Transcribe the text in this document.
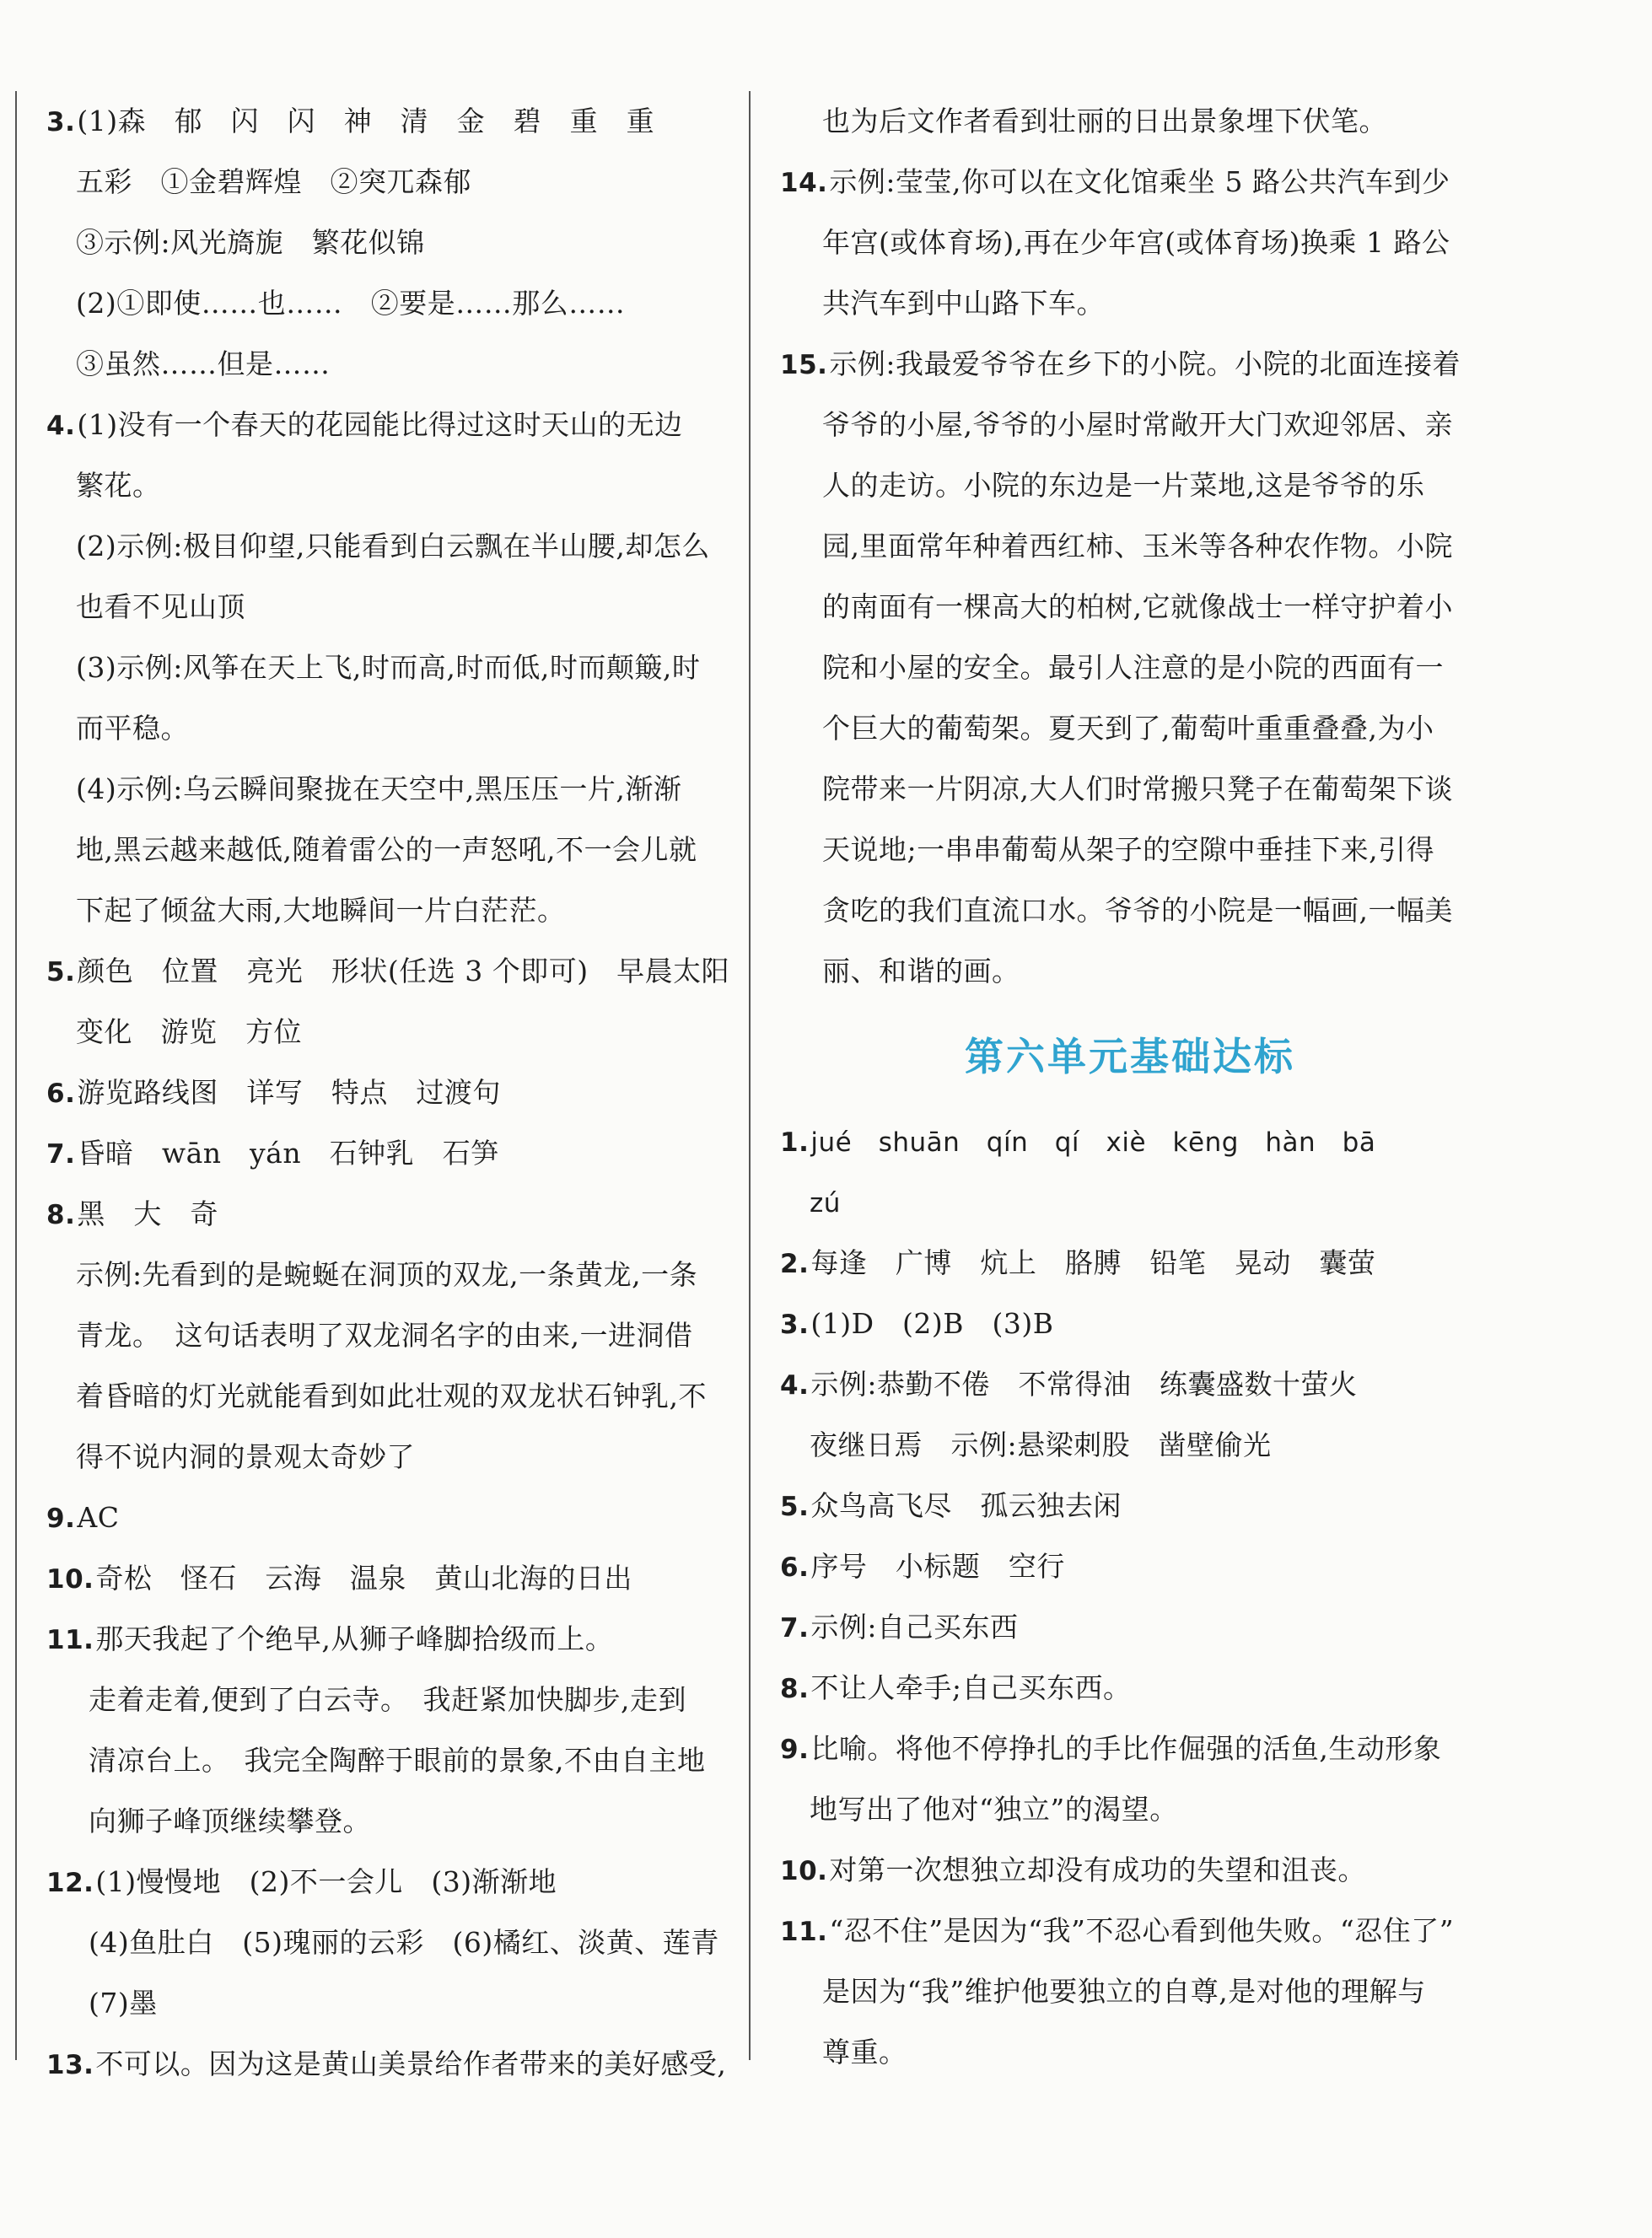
3.(1)森　郁　闪　闪　神　清　金　碧　重　重
五彩　①金碧辉煌　②突兀森郁
③示例:风光旖旎　繁花似锦
(2)①即使……也……　②要是……那么……
③虽然……但是……
4.(1)没有一个春天的花园能比得过这时天山的无边
繁花。
(2)示例:极目仰望,只能看到白云飘在半山腰,却怎么
也看不见山顶
(3)示例:风筝在天上飞,时而高,时而低,时而颠簸,时
而平稳。
(4)示例:乌云瞬间聚拢在天空中,黑压压一片,渐渐
地,黑云越来越低,随着雷公的一声怒吼,不一会儿就
下起了倾盆大雨,大地瞬间一片白茫茫。
5.颜色　位置　亮光　形状(任选 3 个即可)　早晨太阳
变化　游览　方位
6.游览路线图　详写　特点　过渡句
7.昏暗　wān　yán　石钟乳　石笋
8.黑　大　奇
示例:先看到的是蜿蜒在洞顶的双龙,一条黄龙,一条
青龙。　这句话表明了双龙洞名字的由来,一进洞借
着昏暗的灯光就能看到如此壮观的双龙状石钟乳,不
得不说内洞的景观太奇妙了
9.AC
10.奇松　怪石　云海　温泉　黄山北海的日出
11.那天我起了个绝早,从狮子峰脚拾级而上。
走着走着,便到了白云寺。　我赶紧加快脚步,走到
清凉台上。　我完全陶醉于眼前的景象,不由自主地
向狮子峰顶继续攀登。
12.(1)慢慢地　(2)不一会儿　(3)渐渐地
(4)鱼肚白　(5)瑰丽的云彩　(6)橘红、淡黄、莲青
(7)墨
13.不可以。因为这是黄山美景给作者带来的美好感受,
也为后文作者看到壮丽的日出景象埋下伏笔。
14.示例:莹莹,你可以在文化馆乘坐 5 路公共汽车到少
年宫(或体育场),再在少年宫(或体育场)换乘 1 路公
共汽车到中山路下车。
15.示例:我最爱爷爷在乡下的小院。小院的北面连接着
爷爷的小屋,爷爷的小屋时常敞开大门欢迎邻居、亲
人的走访。小院的东边是一片菜地,这是爷爷的乐
园,里面常年种着西红柿、玉米等各种农作物。小院
的南面有一棵高大的柏树,它就像战士一样守护着小
院和小屋的安全。最引人注意的是小院的西面有一
个巨大的葡萄架。夏天到了,葡萄叶重重叠叠,为小
院带来一片阴凉,大人们时常搬只凳子在葡萄架下谈
天说地;一串串葡萄从架子的空隙中垂挂下来,引得
贪吃的我们直流口水。爷爷的小院是一幅画,一幅美
丽、和谐的画。
第六单元基础达标
1.jué　shuān　qín　qí　xiè　kēng　hàn　bā
zú
2.每逢　广博　炕上　胳膊　铅笔　晃动　囊萤
3.(1)D　(2)B　(3)B
4.示例:恭勤不倦　不常得油　练囊盛数十萤火
夜继日焉　示例:悬梁刺股　凿壁偷光
5.众鸟高飞尽　孤云独去闲
6.序号　小标题　空行
7.示例:自己买东西
8.不让人牵手;自己买东西。
9.比喻。将他不停挣扎的手比作倔强的活鱼,生动形象
地写出了他对“独立”的渴望。
10.对第一次想独立却没有成功的失望和沮丧。
11.“忍不住”是因为“我”不忍心看到他失败。“忍住了”
是因为“我”维护他要独立的自尊,是对他的理解与
尊重。
